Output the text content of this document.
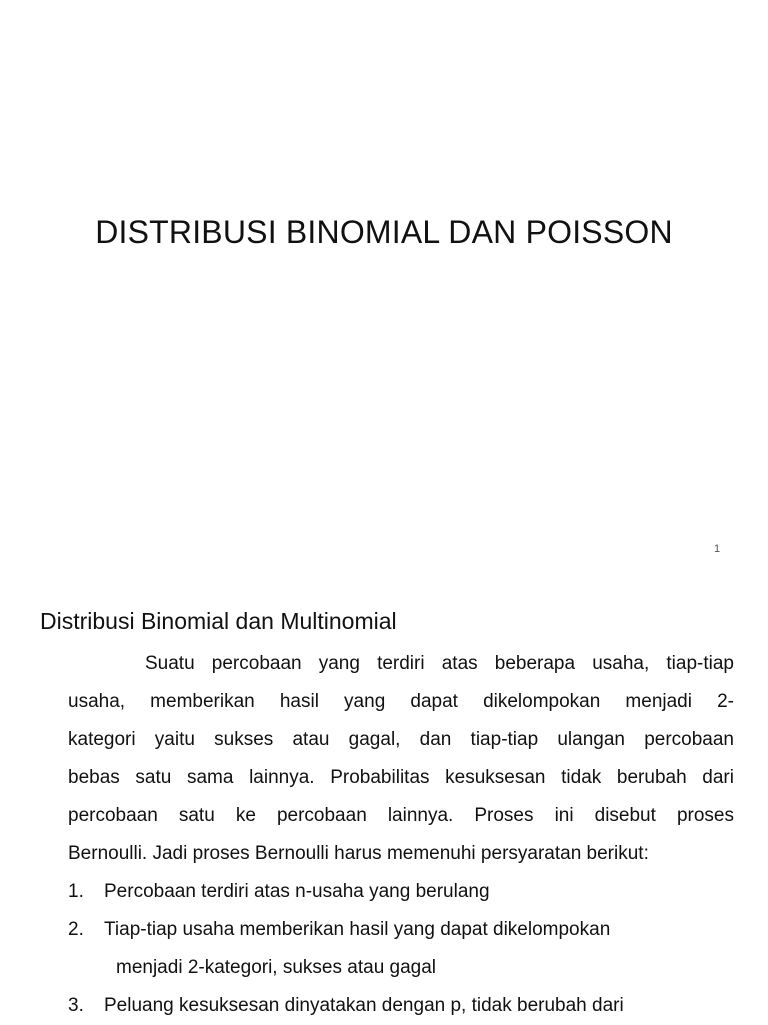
DISTRIBUSI BINOMIAL DAN POISSON
1
Distribusi Binomial dan Multinomial
Suatu percobaan yang terdiri atas beberapa usaha, tiap-tiap
usaha, memberikan hasil yang dapat dikelompokan menjadi 2-
kategori yaitu sukses atau gagal, dan tiap-tiap ulangan percobaan
bebas satu sama lainnya. Probabilitas kesuksesan tidak berubah dari
percobaan satu ke percobaan lainnya. Proses ini disebut proses
Bernoulli. Jadi proses Bernoulli harus memenuhi persyaratan berikut:
1. Percobaan terdiri atas n-usaha yang berulang
2. Tiap-tiap usaha memberikan hasil yang dapat dikelompokan
menjadi 2-kategori, sukses atau gagal
3. Peluang kesuksesan dinyatakan dengan p, tidak berubah dari
